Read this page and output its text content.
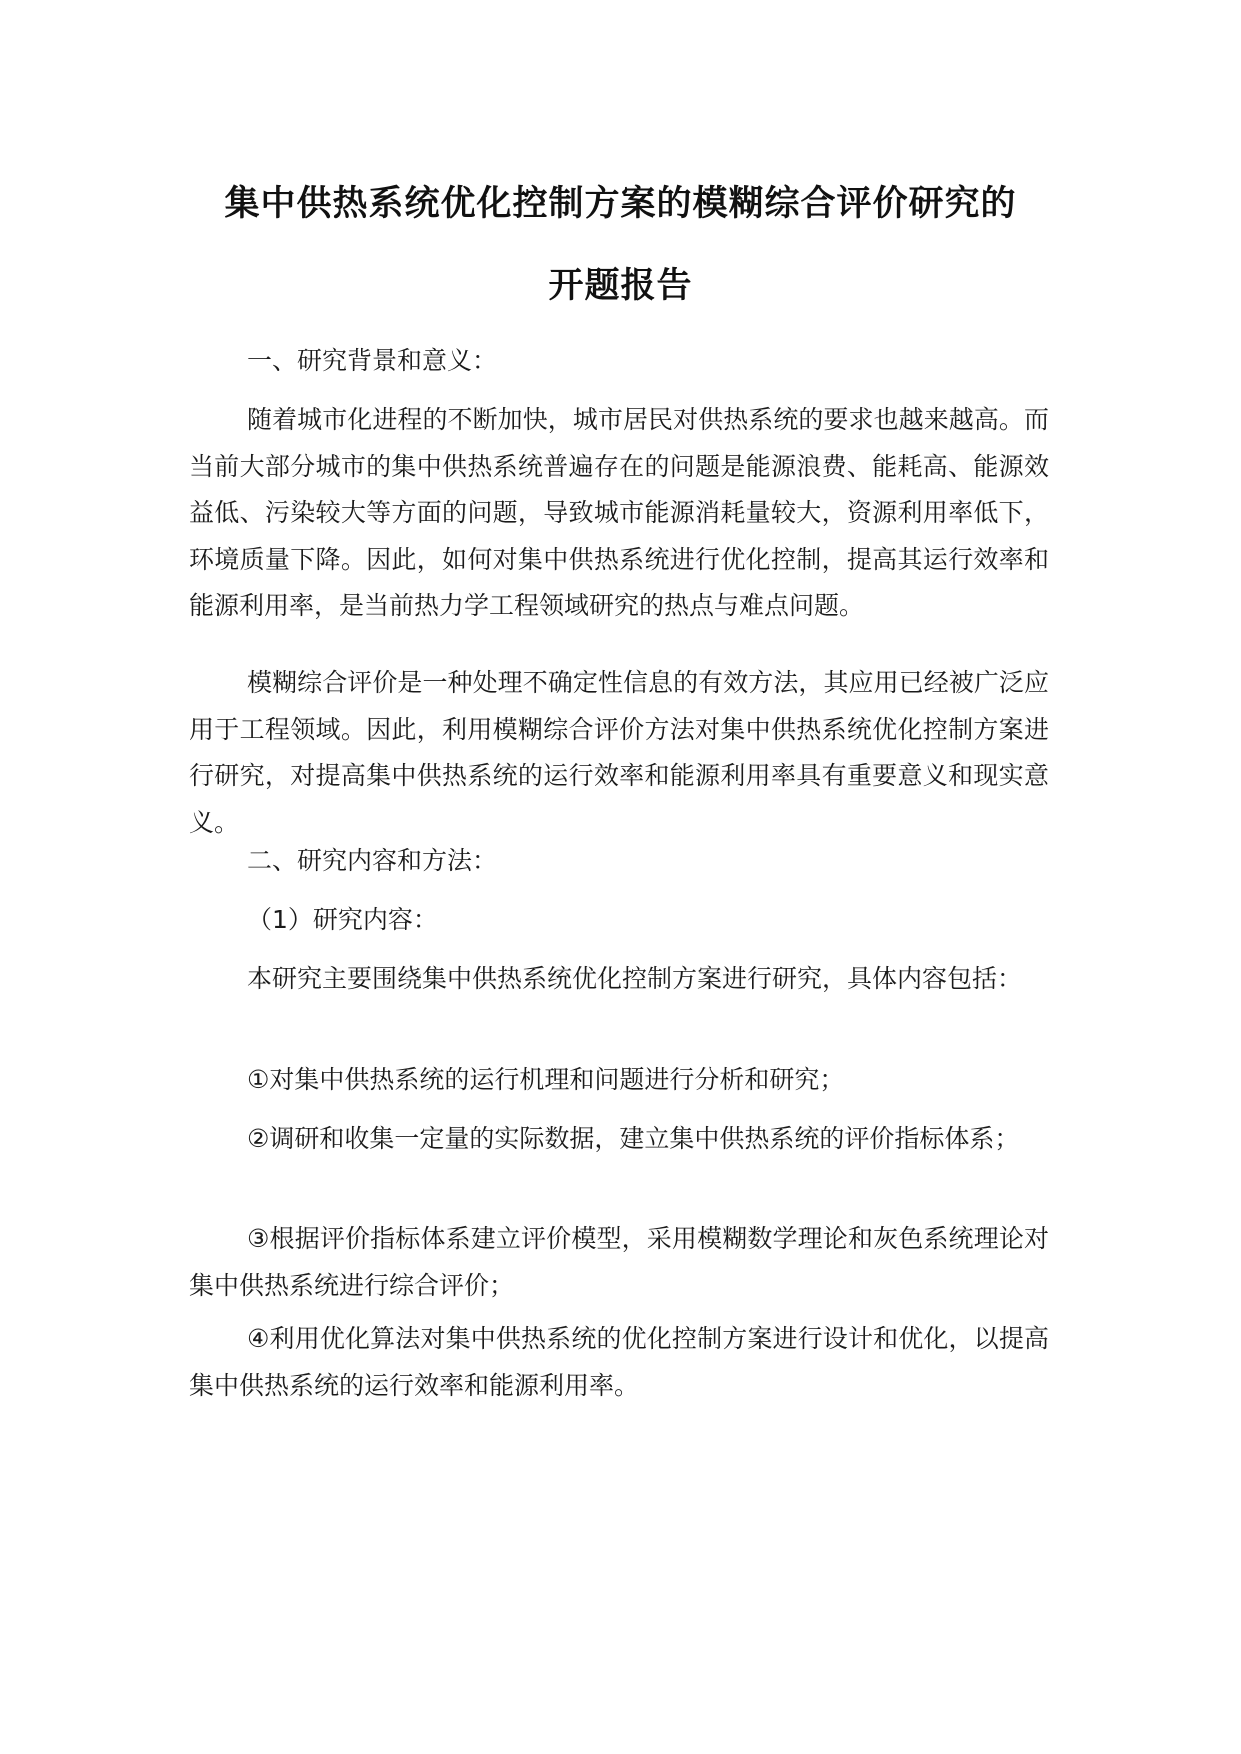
集中供热系统优化控制方案的模糊综合评价研究的
开题报告

一、研究背景和意义：

随着城市化进程的不断加快，城市居民对供热系统的要求也越来越高。而当前大部分城市的集中供热系统普遍存在的问题是能源浪费、能耗高、能源效益低、污染较大等方面的问题，导致城市能源消耗量较大，资源利用率低下，环境质量下降。因此，如何对集中供热系统进行优化控制，提高其运行效率和能源利用率，是当前热力学工程领域研究的热点与难点问题。

模糊综合评价是一种处理不确定性信息的有效方法，其应用已经被广泛应用于工程领域。因此，利用模糊综合评价方法对集中供热系统优化控制方案进行研究，对提高集中供热系统的运行效率和能源利用率具有重要意义和现实意义。

二、研究内容和方法：

（1）研究内容：

本研究主要围绕集中供热系统优化控制方案进行研究，具体内容包括：

①对集中供热系统的运行机理和问题进行分析和研究；

②调研和收集一定量的实际数据，建立集中供热系统的评价指标体系；

③根据评价指标体系建立评价模型，采用模糊数学理论和灰色系统理论对集中供热系统进行综合评价；

④利用优化算法对集中供热系统的优化控制方案进行设计和优化，以提高集中供热系统的运行效率和能源利用率。
